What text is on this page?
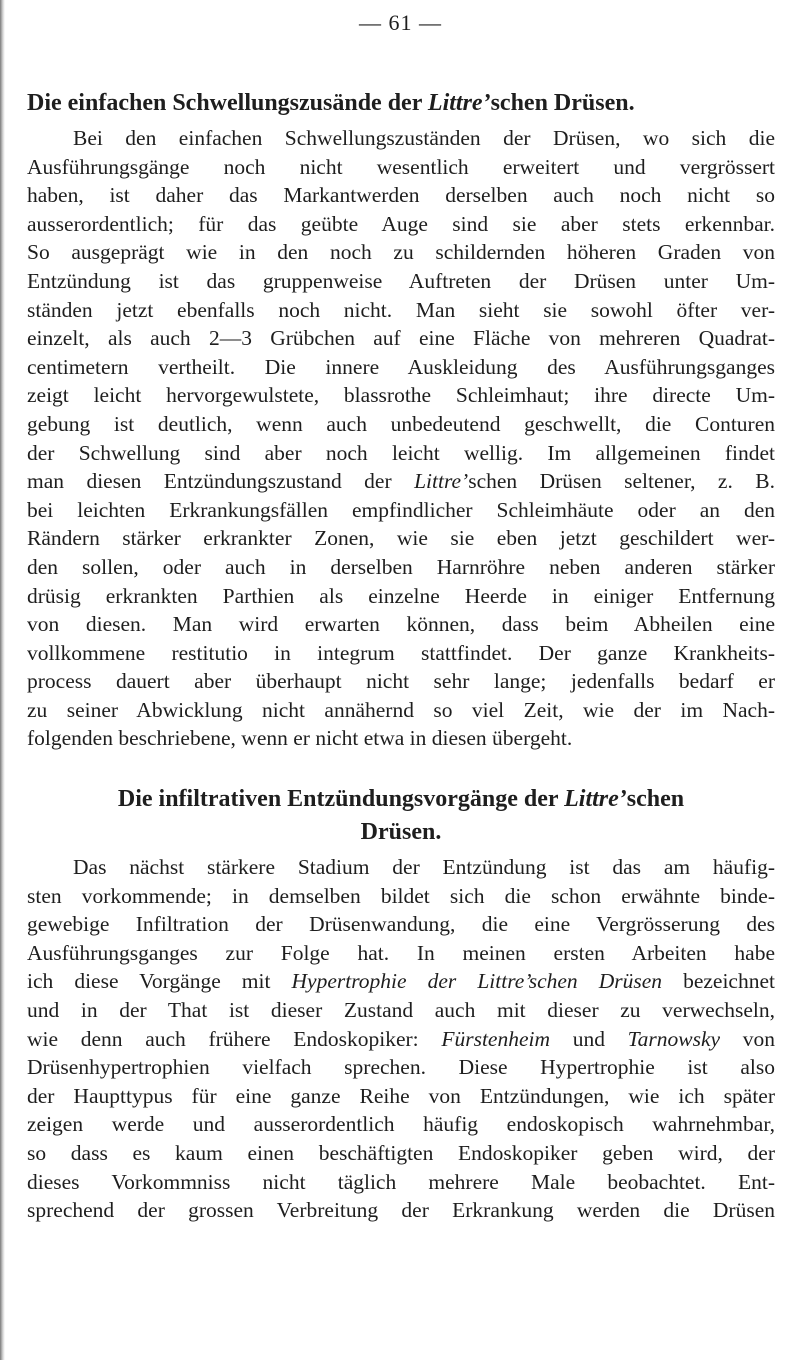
— 61 —
Die einfachen Schwellungszusände der Littre’schen Drüsen.
Bei den einfachen Schwellungszuständen der Drüsen, wo sich die
Ausführungsgänge noch nicht wesentlich erweitert und vergrössert
haben, ist daher das Markantwerden derselben auch noch nicht so
ausserordentlich; für das geübte Auge sind sie aber stets erkennbar.
So ausgeprägt wie in den noch zu schildernden höheren Graden von
Entzündung ist das gruppenweise Auftreten der Drüsen unter Um-
ständen jetzt ebenfalls noch nicht. Man sieht sie sowohl öfter ver-
einzelt, als auch 2—3 Grübchen auf eine Fläche von mehreren Quadrat-
centimetern vertheilt. Die innere Auskleidung des Ausführungsganges
zeigt leicht hervorgewulstete, blassrothe Schleimhaut; ihre directe Um-
gebung ist deutlich, wenn auch unbedeutend geschwellt, die Conturen
der Schwellung sind aber noch leicht wellig. Im allgemeinen findet
man diesen Entzündungszustand der Littre’schen Drüsen seltener, z. B.
bei leichten Erkrankungsfällen empfindlicher Schleimhäute oder an den
Rändern stärker erkrankter Zonen, wie sie eben jetzt geschildert wer-
den sollen, oder auch in derselben Harnröhre neben anderen stärker
drüsig erkrankten Parthien als einzelne Heerde in einiger Entfernung
von diesen. Man wird erwarten können, dass beim Abheilen eine
vollkommene restitutio in integrum stattfindet. Der ganze Krankheits-
process dauert aber überhaupt nicht sehr lange; jedenfalls bedarf er
zu seiner Abwicklung nicht annähernd so viel Zeit, wie der im Nach-
folgenden beschriebene, wenn er nicht etwa in diesen übergeht.
Die infiltrativen Entzündungsvorgänge der Littre’schen
Drüsen.
Das nächst stärkere Stadium der Entzündung ist das am häufig-
sten vorkommende; in demselben bildet sich die schon erwähnte binde-
gewebige Infiltration der Drüsenwandung, die eine Vergrösserung des
Ausführungsganges zur Folge hat. In meinen ersten Arbeiten habe
ich diese Vorgänge mit Hypertrophie der Littre’schen Drüsen bezeichnet
und in der That ist dieser Zustand auch mit dieser zu verwechseln,
wie denn auch frühere Endoskopiker: Fürstenheim und Tarnowsky von
Drüsenhypertrophien vielfach sprechen. Diese Hypertrophie ist also
der Haupttypus für eine ganze Reihe von Entzündungen, wie ich später
zeigen werde und ausserordentlich häufig endoskopisch wahrnehmbar,
so dass es kaum einen beschäftigten Endoskopiker geben wird, der
dieses Vorkommniss nicht täglich mehrere Male beobachtet. Ent-
sprechend der grossen Verbreitung der Erkrankung werden die Drüsen
